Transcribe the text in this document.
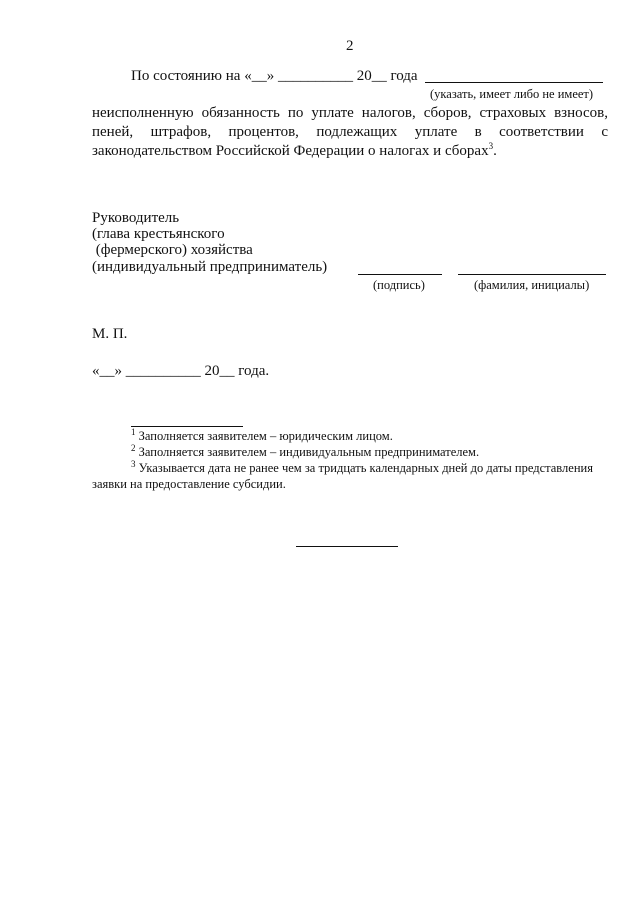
2
По состоянию на «__» __________ 20__ года
(указать, имеет либо не имеет)
неисполненную обязанность по уплате налогов, сборов, страховых взносов,
пеней, штрафов, процентов, подлежащих уплате в соответствии с
законодательством Российской Федерации о налогах и сборах$^3$.
Руководитель
(глава крестьянского
(фермерского) хозяйства
(индивидуальный предприниматель)
(подпись)	(фамилия, инициалы)
М. П.
«__» __________ 20__ года.
$^1$ Заполняется заявителем – юридическим лицом.
$^2$ Заполняется заявителем – индивидуальным предпринимателем.
$^3$ Указывается дата не ранее чем за тридцать календарных дней до даты представления
заявки на предоставление субсидии.
